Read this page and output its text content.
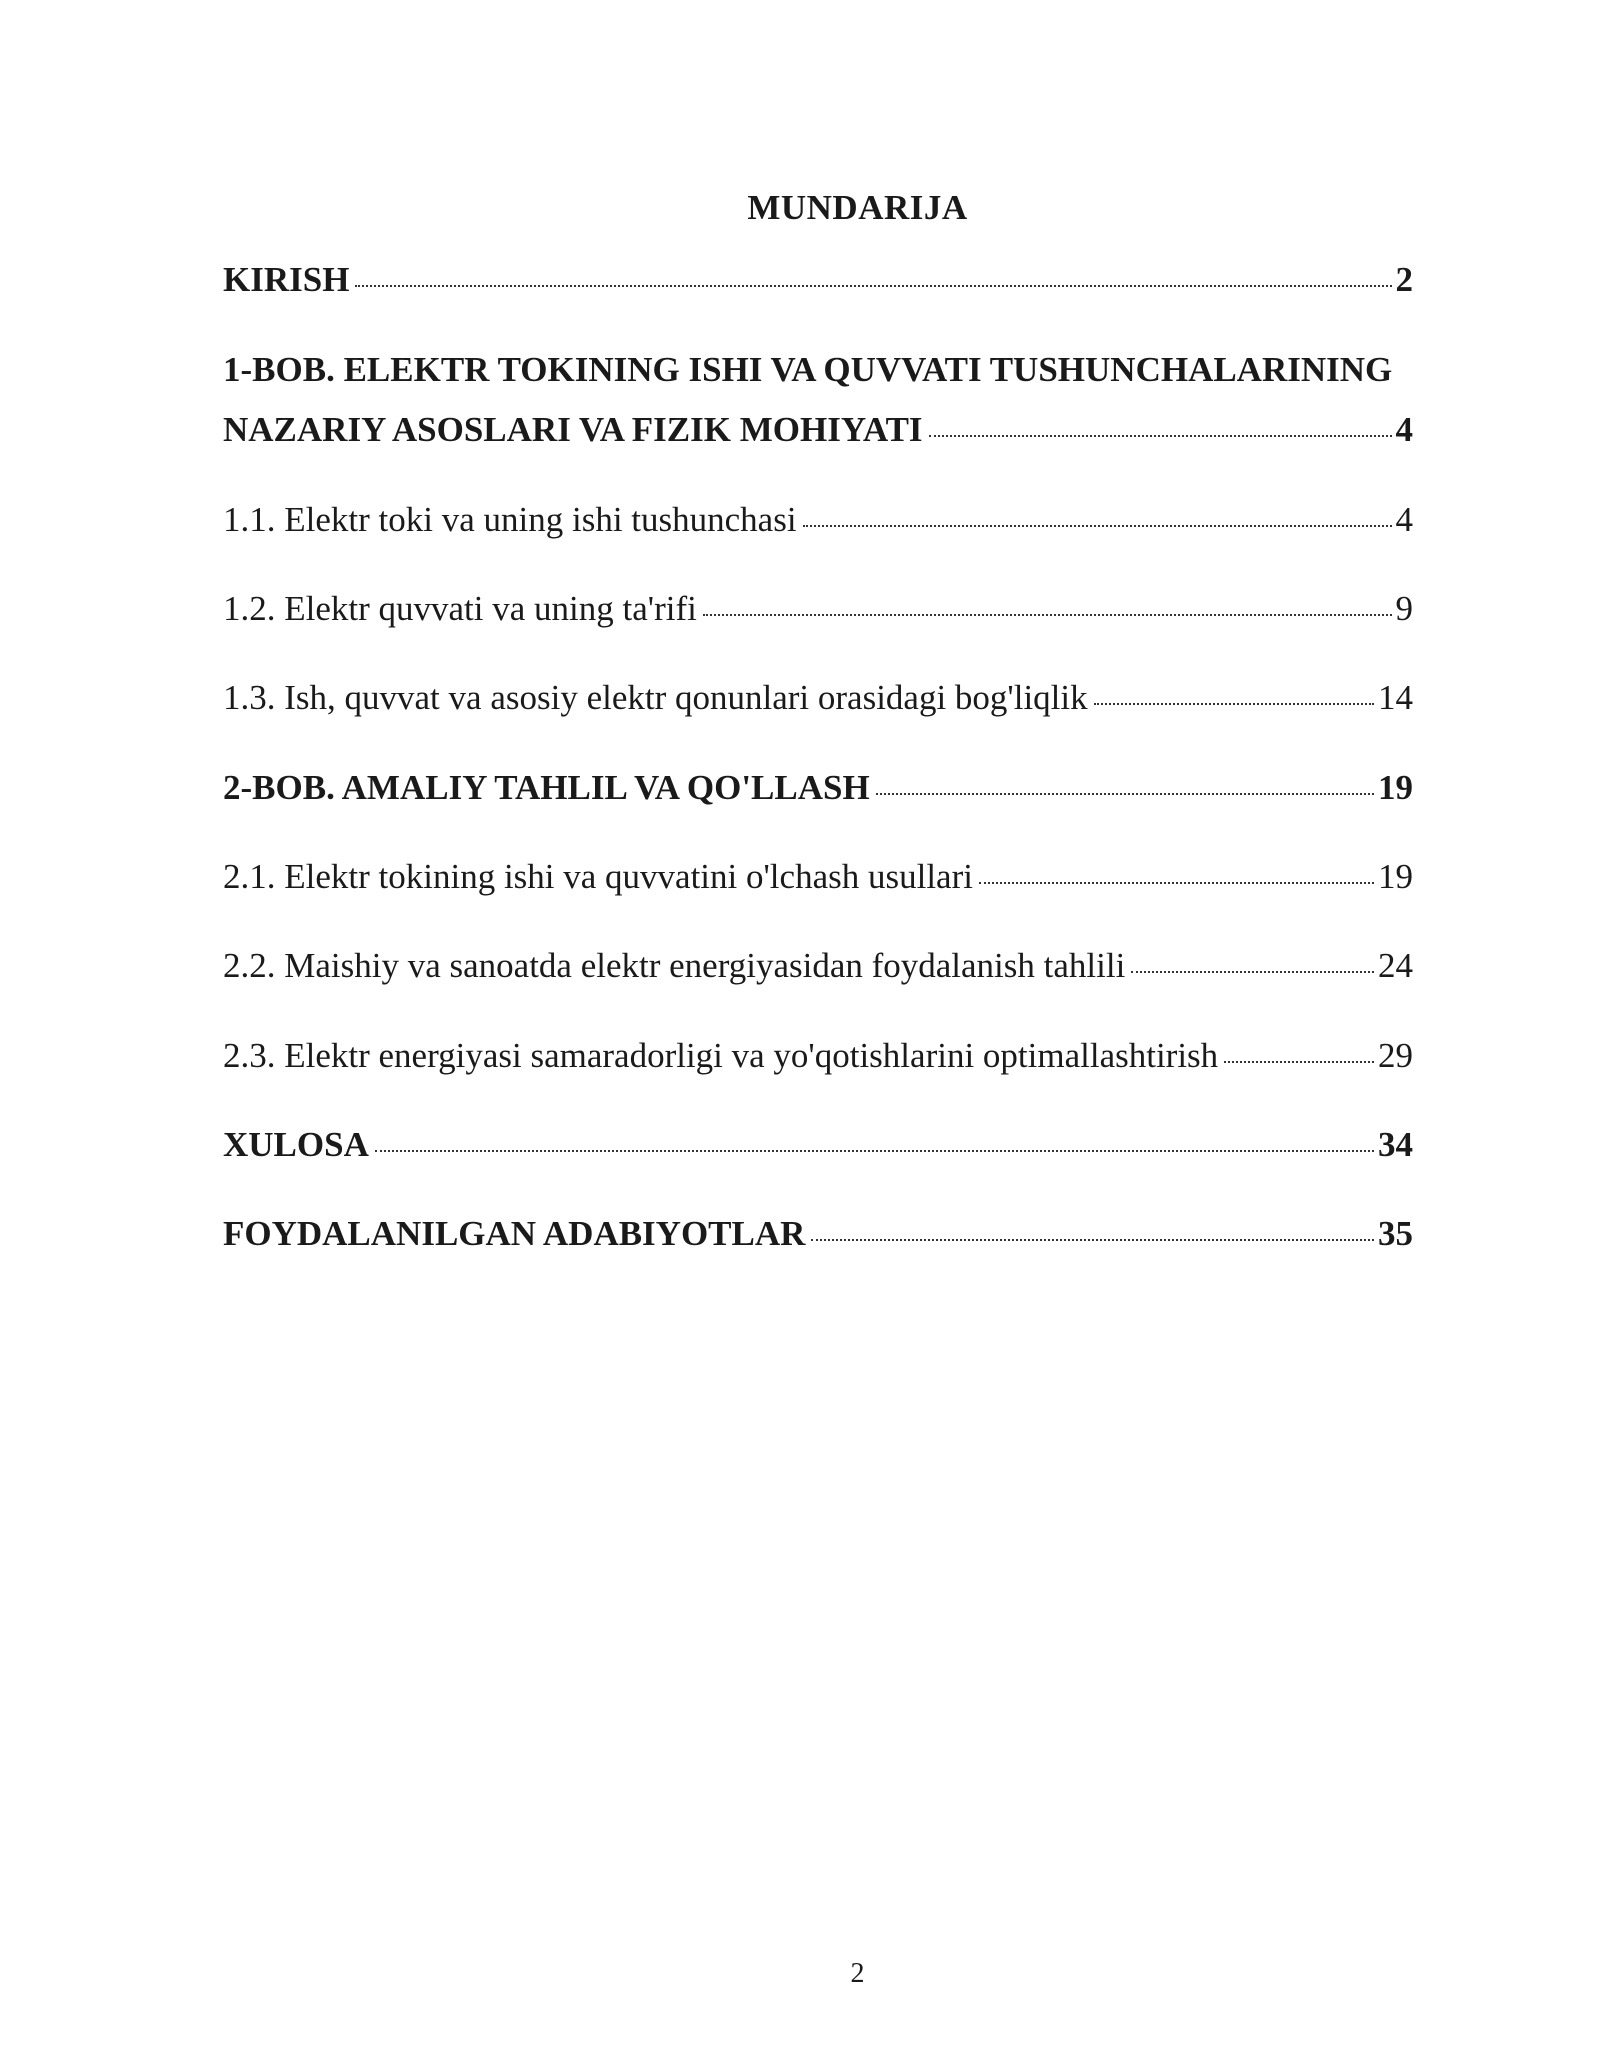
MUNDARIJA
KIRISH	2
1-BOB. ELEKTR TOKINING ISHI VA QUVVATI TUSHUNCHALARINING
NAZARIY ASOSLARI VA FIZIK MOHIYATI	4
1.1. Elektr toki va uning ishi tushunchasi	4
1.2. Elektr quvvati va uning ta'rifi	9
1.3. Ish, quvvat va asosiy elektr qonunlari orasidagi bog'liqlik	14
2-BOB. AMALIY TAHLIL VA QO'LLASH	19
2.1. Elektr tokining ishi va quvvatini o'lchash usullari	19
2.2. Maishiy va sanoatda elektr energiyasidan foydalanish tahlili	24
2.3. Elektr energiyasi samaradorligi va yo'qotishlarini optimallashtirish	29
XULOSA	34
FOYDALANILGAN ADABIYOTLAR	35
2
